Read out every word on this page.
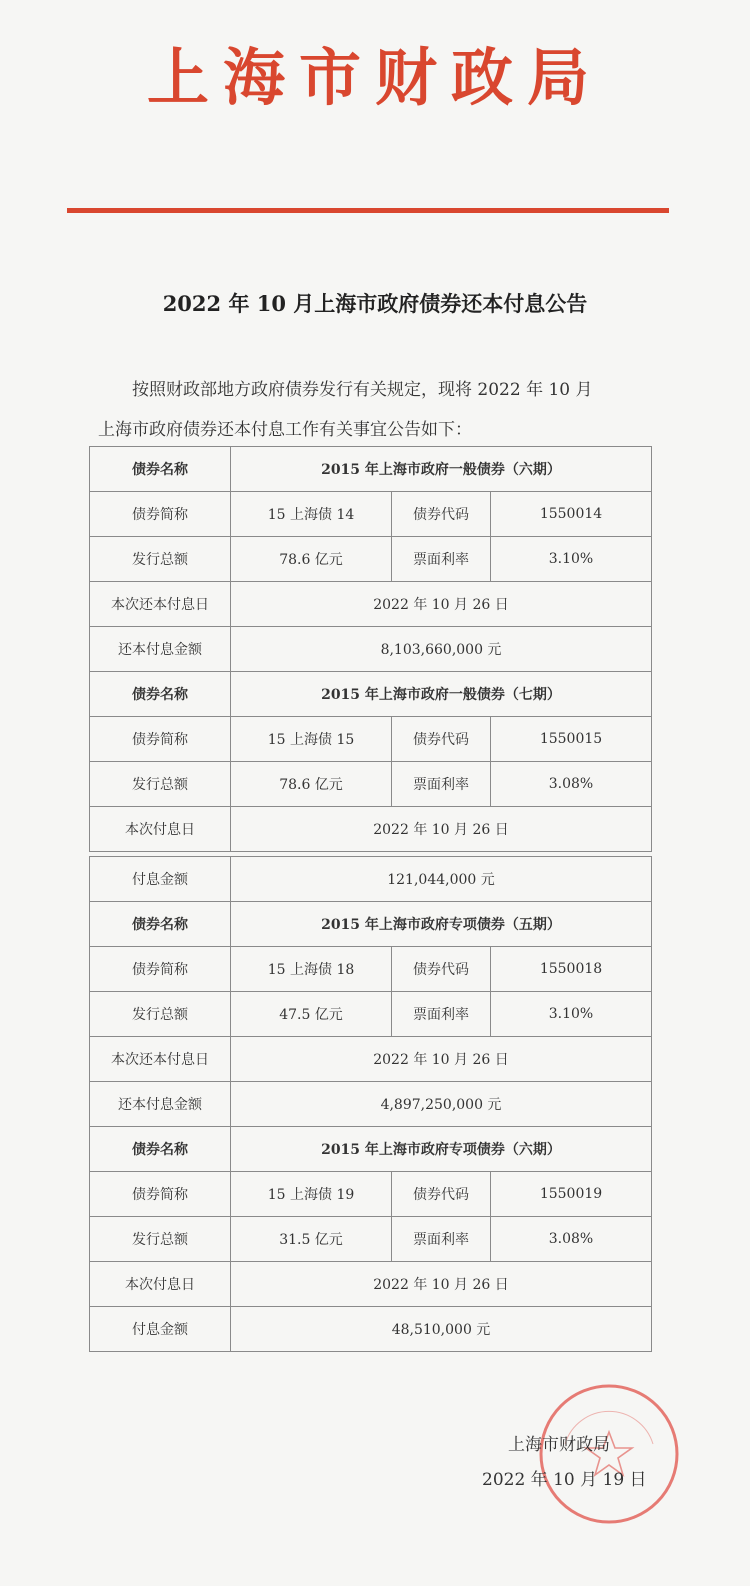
上海市财政局
2022 年 10 月上海市政府债券还本付息公告

按照财政部地方政府债券发行有关规定，现将 2022 年 10 月

上海市政府债券还本付息工作有关事宜公告如下：

债券名称	2015 年上海市政府一般债券（六期）		
债券简称	15 上海债 14	债券代码	1550014
发行总额	78.6 亿元	票面利率	3.10%
本次还本付息日	2022 年 10 月 26 日		
还本付息金额	8,103,660,000 元		
债券名称	2015 年上海市政府一般债券（七期）		
债券简称	15 上海债 15	债券代码	1550015
发行总额	78.6 亿元	票面利率	3.08%
本次付息日	2022 年 10 月 26 日		
付息金额	121,044,000 元		
债券名称	2015 年上海市政府专项债券（五期）		
债券简称	15 上海债 18	债券代码	1550018
发行总额	47.5 亿元	票面利率	3.10%
本次还本付息日	2022 年 10 月 26 日		
还本付息金额	4,897,250,000 元		
债券名称	2015 年上海市政府专项债券（六期）		
债券简称	15 上海债 19	债券代码	1550019
发行总额	31.5 亿元	票面利率	3.08%
本次付息日	2022 年 10 月 26 日		
付息金额	48,510,000 元		
上海市财政局
2022 年 10 月 19 日
